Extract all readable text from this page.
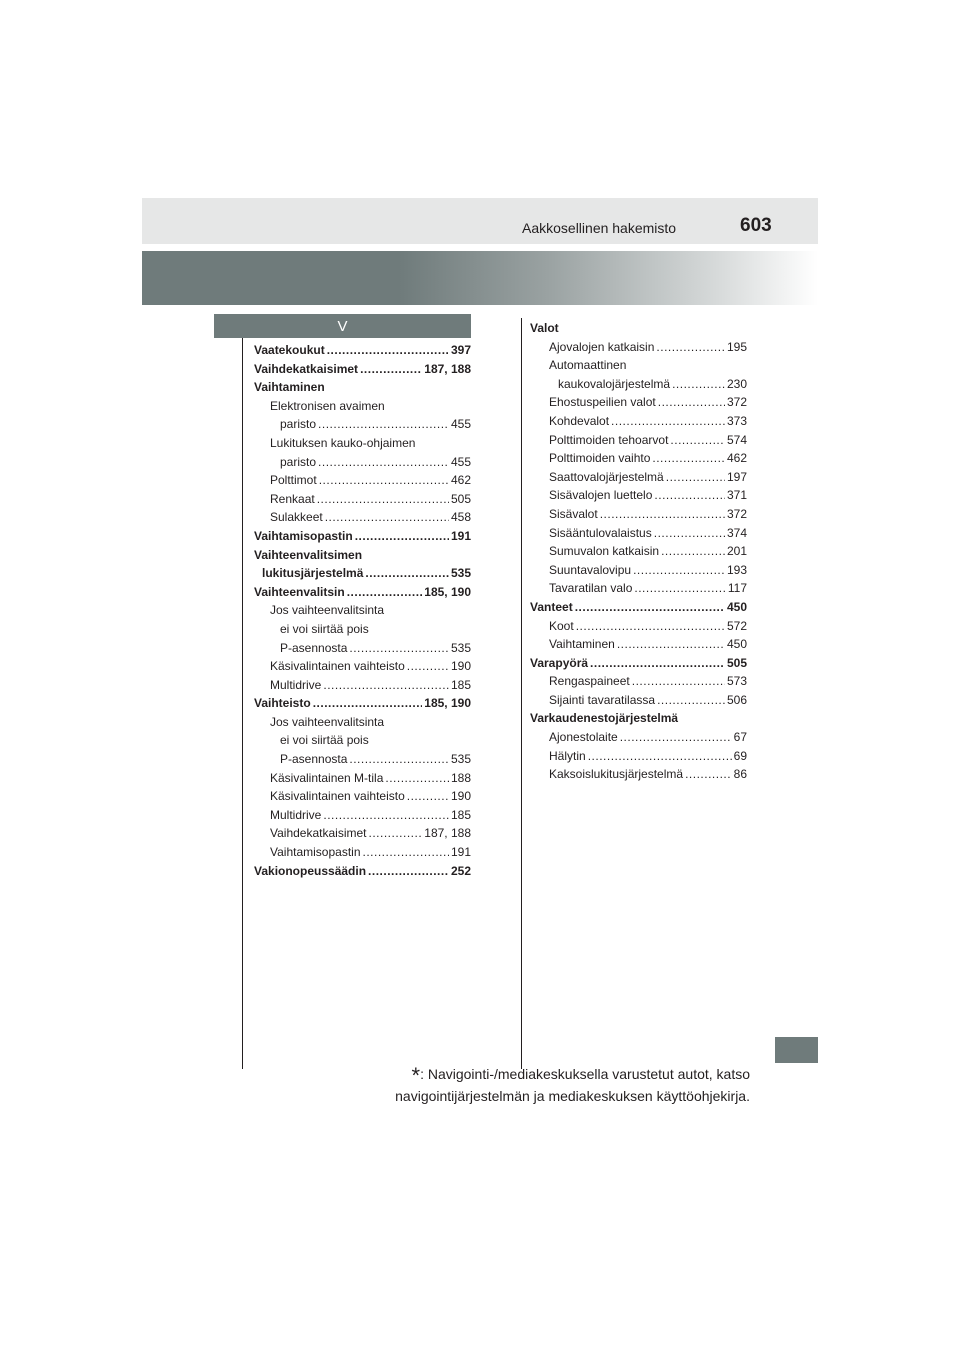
Aakkosellinen hakemisto	603
V
Vaatekoukut .....	397
Vaihdekatkaisimet .....	187, 188
Vaihtaminen
Elektronisen avaimen
paristo .....	455
Lukituksen kauko-ohjaimen
paristo .....	455
Polttimot .....	462
Renkaat .....	505
Sulakkeet .....	458
Vaihtamisopastin .....	191
Vaihteenvalitsimen
lukitusjärjestelmä .....	535
Vaihteenvalitsin .....	185, 190
Jos vaihteenvalitsinta
ei voi siirtää pois
P-asennosta .....	535
Käsivalintainen vaihteisto .....	190
Multidrive .....	185
Vaihteisto .....	185, 190
Jos vaihteenvalitsinta
ei voi siirtää pois
P-asennosta .....	535
Käsivalintainen M-tila .....	188
Käsivalintainen vaihteisto .....	190
Multidrive .....	185
Vaihdekatkaisimet .....	187, 188
Vaihtamisopastin .....	191
Vakionopeussäädin .....	252
Valot
Ajovalojen katkaisin .....	195
Automaattinen
kaukovalojärjestelmä .....	230
Ehostuspeilien valot .....	372
Kohdevalot .....	373
Polttimoiden tehoarvot .....	574
Polttimoiden vaihto .....	462
Saattovalojärjestelmä .....	197
Sisävalojen luettelo .....	371
Sisävalot .....	372
Sisääntulovalaistus .....	374
Sumuvalon katkaisin .....	201
Suuntavalovipu .....	193
Tavaratilan valo .....	117
Vanteet .....	450
Koot .....	572
Vaihtaminen .....	450
Varapyörä .....	505
Rengaspaineet .....	573
Sijainti tavaratilassa .....	506
Varkaudenestojärjestelmä
Ajonestolaite .....	67
Hälytin .....	69
Kaksoislukitusjärjestelmä .....	86
*: Navigointi-/mediakeskuksella varustetut autot, katso
navigointijärjestelmän ja mediakeskuksen käyttöohjekirja.
